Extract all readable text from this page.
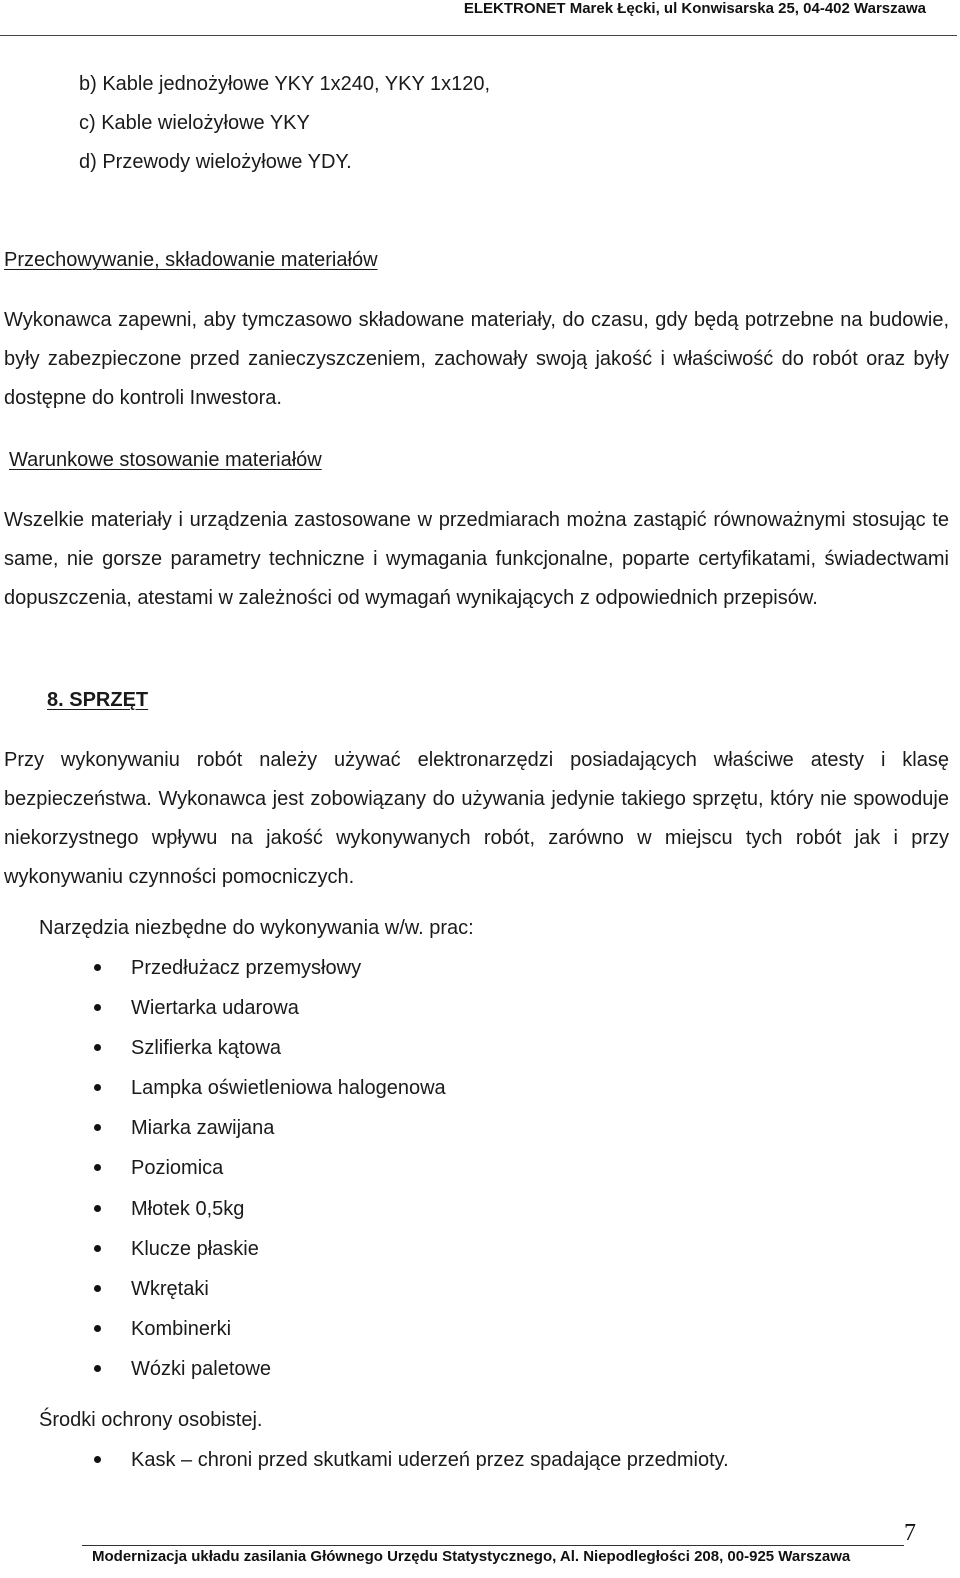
ELEKTRONET Marek Łęcki, ul Konwisarska 25, 04-402 Warszawa
b) Kable jednożyłowe YKY 1x240, YKY 1x120,
c) Kable wielożyłowe YKY
d) Przewody wielożyłowe YDY.
Przechowywanie, składowanie materiałów
Wykonawca zapewni, aby tymczasowo składowane materiały, do czasu, gdy będą potrzebne na budowie, były zabezpieczone przed zanieczyszczeniem, zachowały swoją jakość i właściwość do robót oraz były dostępne do kontroli Inwestora.
Warunkowe stosowanie materiałów
Wszelkie materiały i urządzenia zastosowane w przedmiarach można zastąpić równoważnymi stosując te same, nie gorsze parametry techniczne i wymagania funkcjonalne, poparte certyfikatami, świadectwami dopuszczenia, atestami w zależności od wymagań wynikających z odpowiednich przepisów.
8. SPRZĘT
Przy wykonywaniu robót należy używać elektronarzędzi posiadających właściwe atesty i klasę bezpieczeństwa. Wykonawca jest zobowiązany do używania jedynie takiego sprzętu, który nie spowoduje niekorzystnego wpływu na jakość wykonywanych robót, zarówno w miejscu tych robót jak i przy wykonywaniu czynności pomocniczych.
Narzędzia niezbędne do wykonywania w/w. prac:
Przedłużacz przemysłowy
Wiertarka udarowa
Szlifierka kątowa
Lampka oświetleniowa halogenowa
Miarka zawijana
Poziomica
Młotek 0,5kg
Klucze płaskie
Wkrętaki
Kombinerki
Wózki paletowe
Środki ochrony osobistej.
Kask – chroni przed skutkami uderzeń przez spadające przedmioty.
7
Modernizacja układu zasilania Głównego Urzędu Statystycznego, Al. Niepodległości 208, 00-925 Warszawa
